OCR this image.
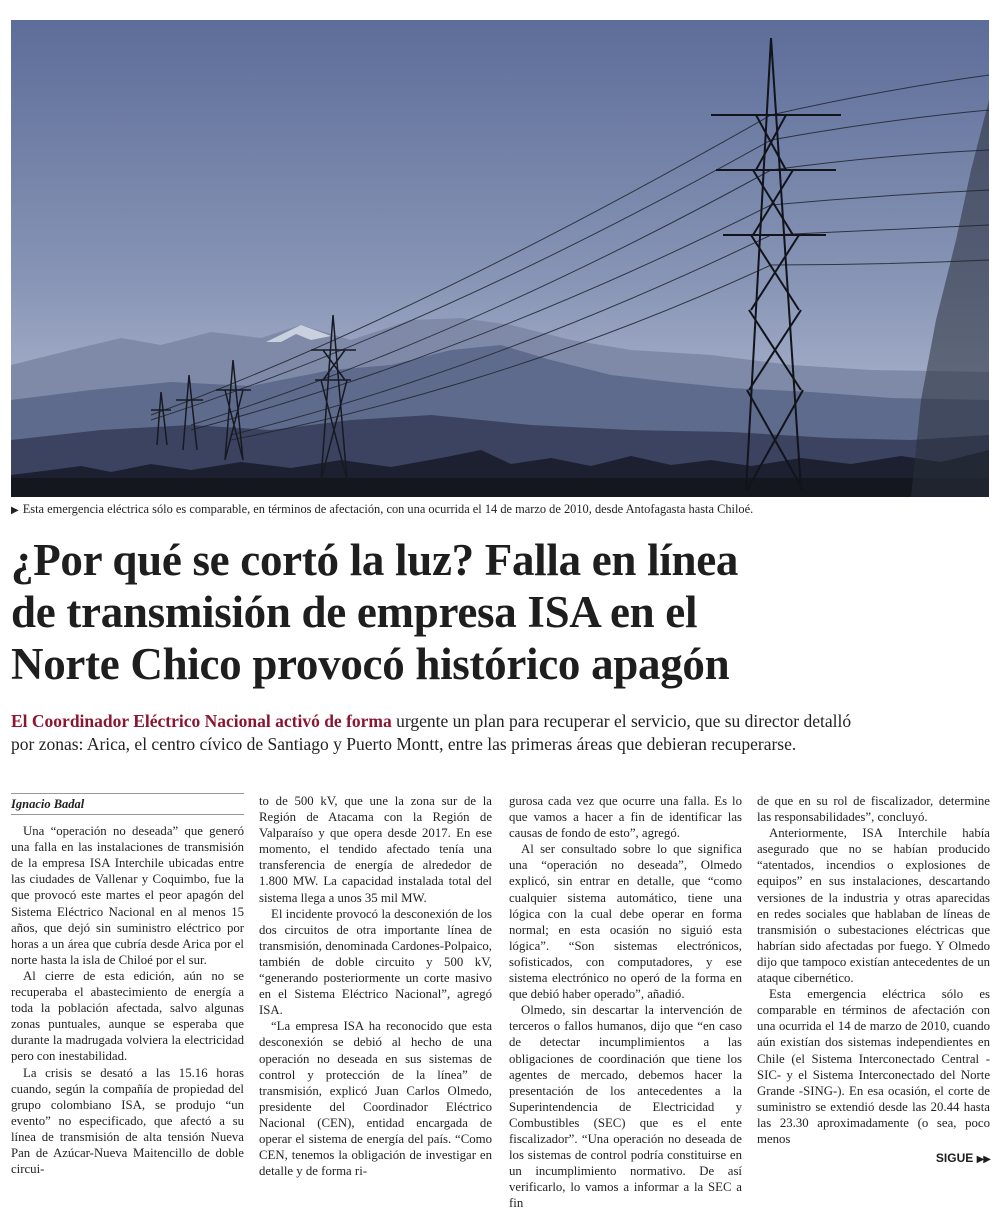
▶ Esta emergencia eléctrica sólo es comparable, en términos de afectación, con una ocurrida el 14 de marzo de 2010, desde Antofagasta hasta Chiloé.
¿Por qué se cortó la luz? Falla en línea
de transmisión de empresa ISA en el
Norte Chico provocó histórico apagón

El Coordinador Eléctrico Nacional activó de forma urgente un plan para recuperar el servicio, que su director detalló
por zonas: Arica, el centro cívico de Santiago y Puerto Montt, entre las primeras áreas que debieran recuperarse.

Ignacio Badal

Una “operación no deseada” que generó una falla en las instalaciones de transmisión de la empresa ISA Interchile ubicadas entre las ciudades de Vallenar y Coquimbo, fue la que provocó este martes el peor apagón del Sistema Eléctrico Nacional en al menos 15 años, que dejó sin suministro eléctrico por horas a un área que cubría desde Arica por el norte hasta la isla de Chiloé por el sur.

Al cierre de esta edición, aún no se recuperaba el abastecimiento de energía a toda la población afectada, salvo algunas zonas puntuales, aunque se esperaba que durante la madrugada volviera la electricidad pero con inestabilidad.

La crisis se desató a las 15.16 horas cuando, según la compañía de propiedad del grupo colombiano ISA, se produjo “un evento” no especificado, que afectó a su línea de transmisión de alta tensión Nueva Pan de Azúcar-Nueva Maitencillo de doble circui-

to de 500 kV, que une la zona sur de la Región de Atacama con la Región de Valparaíso y que opera desde 2017. En ese momento, el tendido afectado tenía una transferencia de energía de alrededor de 1.800 MW. La capacidad instalada total del sistema llega a unos 35 mil MW.

El incidente provocó la desconexión de los dos circuitos de otra importante línea de transmisión, denominada Cardones-Polpaico, también de doble circuito y 500 kV, “generando posteriormente un corte masivo en el Sistema Eléctrico Nacional”, agregó ISA.

“La empresa ISA ha reconocido que esta desconexión se debió al hecho de una operación no deseada en sus sistemas de control y protección de la línea” de transmisión, explicó Juan Carlos Olmedo, presidente del Coordinador Eléctrico Nacional (CEN), entidad encargada de operar el sistema de energía del país. “Como CEN, tenemos la obligación de investigar en detalle y de forma ri-

gurosa cada vez que ocurre una falla. Es lo que vamos a hacer a fin de identificar las causas de fondo de esto”, agregó.

Al ser consultado sobre lo que significa una “operación no deseada”, Olmedo explicó, sin entrar en detalle, que “como cualquier sistema automático, tiene una lógica con la cual debe operar en forma normal; en esta ocasión no siguió esta lógica”. “Son sistemas electrónicos, sofisticados, con computadores, y ese sistema electrónico no operó de la forma en que debió haber operado”, añadió.

Olmedo, sin descartar la intervención de terceros o fallos humanos, dijo que “en caso de detectar incumplimientos a las obligaciones de coordinación que tiene los agentes de mercado, debemos hacer la presentación de los antecedentes a la Superintendencia de Electricidad y Combustibles (SEC) que es el ente fiscalizador”. “Una operación no deseada de los sistemas de control podría constituirse en un incumplimiento normativo. De así verificarlo, lo vamos a informar a la SEC a fin

de que en su rol de fiscalizador, determine las responsabilidades”, concluyó.

Anteriormente, ISA Interchile había asegurado que no se habían producido “atentados, incendios o explosiones de equipos” en sus instalaciones, descartando versiones de la industria y otras aparecidas en redes sociales que hablaban de líneas de transmisión o subestaciones eléctricas que habrían sido afectadas por fuego. Y Olmedo dijo que tampoco existían antecedentes de un ataque cibernético.

Esta emergencia eléctrica sólo es comparable en términos de afectación con una ocurrida el 14 de marzo de 2010, cuando aún existían dos sistemas independientes en Chile (el Sistema Interconectado Central -SIC- y el Sistema Interconectado del Norte Grande -SING-). En esa ocasión, el corte de suministro se extendió desde las 20.44 hasta las 23.30 aproximadamente (o sea, poco menos

SIGUE ▶▶
